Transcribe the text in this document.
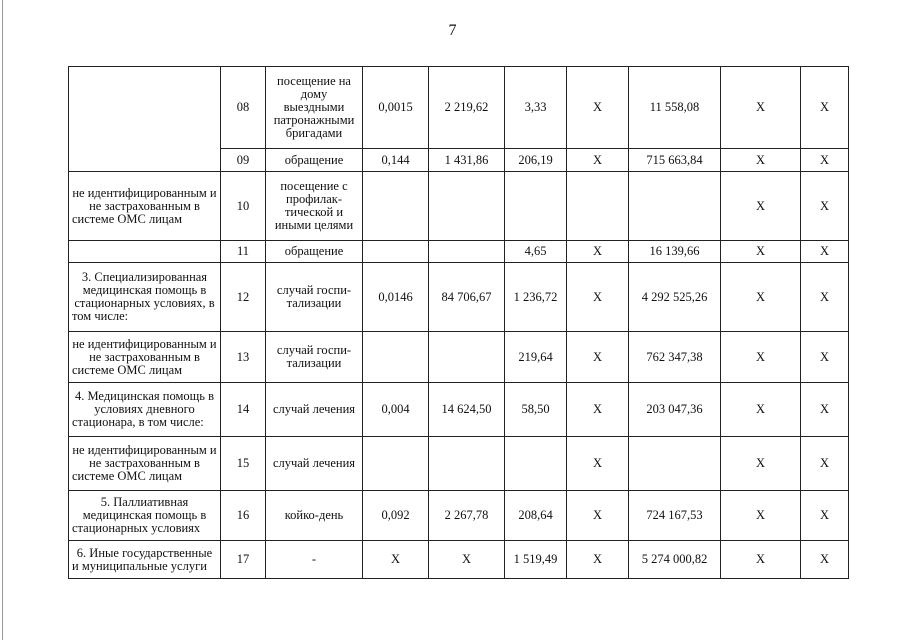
7
	08	посещение на дому выездными патронажными бригадами	0,0015	2 219,62	3,33	X	11 558,08	X	X
	09	обращение	0,144	1 431,86	206,19	X	715 663,84	X	X
не идентифицированным и не застрахованным в системе ОМС лицам	10	посещение с профилак-тической и иными целями						X	X
	11	обращение			4,65	X	16 139,66	X	X
3. Специализированная медицинская помощь в стационарных условиях, в том числе:	12	случай госпи-тализации	0,0146	84 706,67	1 236,72	X	4 292 525,26	X	X
не идентифицированным и не застрахованным в системе ОМС лицам	13	случай госпи-тализации			219,64	X	762 347,38	X	X
4. Медицинская помощь в условиях дневного стационара, в том числе:	14	случай лечения	0,004	14 624,50	58,50	X	203 047,36	X	X
не идентифицированным и не застрахованным в системе ОМС лицам	15	случай лечения				X		X	X
5. Паллиативная медицинская помощь в стационарных условиях	16	койко-день	0,092	2 267,78	208,64	X	724 167,53	X	X
6. Иные государственные и муниципальные услуги	17	-	X	X	1 519,49	X	5 274 000,82	X	X
